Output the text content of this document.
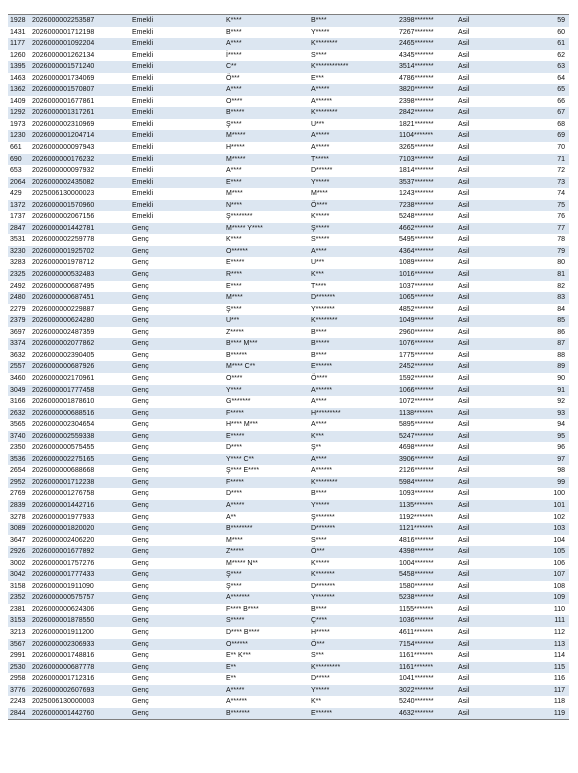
1928 2026000002253587	Emekli	K****	B****	2398*******	Asil	59
1431 2026000001712198	Emekli	B****	Y*****	7267*******	Asil	60
1177 2026000001092204	Emekli	A****	K********	2465*******	Asil	61
1260 2026000001262134	Emekli	İ*****	S****	4345*******	Asil	62
1395 2026000001571240	Emekli	C**	K************	3514*******	Asil	63
1463 2026000001734069	Emekli	Ö***	E***	4786*******	Asil	64
1362 2026000001570807	Emekli	A****	A*****	3820*******	Asil	65
1409 2026000001677861	Emekli	O****	A******	2398*******	Asil	66
1292 2026000001317261	Emekli	B*****	K********	2842*******	Asil	67
1973 2026000002310969	Emekli	Ş****	U***	1821*******	Asil	68
1230 2026000001204714	Emekli	M*****	A*****	1104*******	Asil	69
661 2026000000097943	Emekli	H*****	A*****	3265*******	Asil	70
690 2026000000176232	Emekli	M*****	T*****	7103*******	Asil	71
653 2026000000097932	Emekli	A****	D******	1814*******	Asil	72
2064 2026000002435082	Emekli	E****	Y*****	3537*******	Asil	73
429 2025006130000023	Emekli	M****	M****	1243*******	Asil	74
1372 2026000001570960	Emekli	N****	Ö****	7238*******	Asil	75
1737 2026000002067156	Emekli	Ş********	K*****	5248*******	Asil	76
2847 2026000001442781	Genç	M***** Y****	Ş*****	4662*******	Asil	77
3531 2026000002259778	Genç	K****	S*****	5495*******	Asil	78
3230 2026000001925702	Genç	O******	A****	4364*******	Asil	79
3283 2026000001978712	Genç	E*****	U***	1089*******	Asil	80
2325 2026000000532483	Genç	R****	K***	1016*******	Asil	81
2492 2026000000687495	Genç	E****	T****	1037*******	Asil	82
2480 2026000000687451	Genç	M****	D*******	1065*******	Asil	83
2279 2026000000229887	Genç	Ş****	Y*******	4852*******	Asil	84
2379 2026000000624280	Genç	U***	K********	1049*******	Asil	85
3697 2026000002487359	Genç	Z*****	B****	2960*******	Asil	86
3374 2026000002077862	Genç	B**** M***	B*****	1076*******	Asil	87
3632 2026000002390405	Genç	B******	B****	1775*******	Asil	88
2557 2026000000687926	Genç	M**** C**	E******	2452*******	Asil	89
3460 2026000002170961	Genç	O****	Ö****	1592*******	Asil	90
3049 2026000001777458	Genç	Y****	A******	1066*******	Asil	91
3166 2026000001878610	Genç	G*******	A****	1072*******	Asil	92
2632 2026000000688516	Genç	F*****	H*********	1138*******	Asil	93
3565 2026000002304654	Genç	H**** M***	A****	5895*******	Asil	94
3740 2026000002559338	Genç	E*****	K***	5247*******	Asil	95
2350 2026000000575455	Genç	D****	Ş**	4698*******	Asil	96
3536 2026000002275165	Genç	Y**** C**	A****	3906*******	Asil	97
2654 2026000000688668	Genç	Ş**** E****	A******	2126*******	Asil	98
2952 2026000001712238	Genç	F*****	K********	5984*******	Asil	99
2769 2026000001276758	Genç	D****	B****	1093*******	Asil	100
2839 2026000001442716	Genç	A*****	Y*****	1135*******	Asil	101
3278 2026000001977933	Genç	A**	Ş*******	1192*******	Asil	102
3089 2026000001820020	Genç	B********	D*******	1121*******	Asil	103
3647 2026000002406220	Genç	M****	S****	4816*******	Asil	104
2926 2026000001677892	Genç	Z*****	Ö***	4398*******	Asil	105
3002 2026000001757276	Genç	M***** N**	K*****	1004*******	Asil	106
3042 2026000001777433	Genç	Ş****	K*******	5458*******	Asil	107
3158 2026000001911090	Genç	Ş****	D*******	1580*******	Asil	108
2352 2026000000575757	Genç	A*******	Y*******	5238*******	Asil	109
2381 2026000000624306	Genç	F**** B****	B****	1155*******	Asil	110
3153 2026000001878550	Genç	S*****	Ç****	1036*******	Asil	111
3213 2026000001911200	Genç	D**** B****	H*****	4611*******	Asil	112
3567 2026000002306933	Genç	O******	Ö***	7154*******	Asil	113
2991 2026000001748816	Genç	E** K***	S***	1161*******	Asil	114
2530 2026000000687778	Genç	E**	K*********	1161*******	Asil	115
2958 2026000001712316	Genç	E**	D*****	1041*******	Asil	116
3776 2026000002607693	Genç	A*****	Y*****	3022*******	Asil	117
2243 2025006130000003	Genç	A******	K**	5240*******	Asil	118
2844 2026000001442760	Genç	B*******	E******	4632*******	Asil	119
